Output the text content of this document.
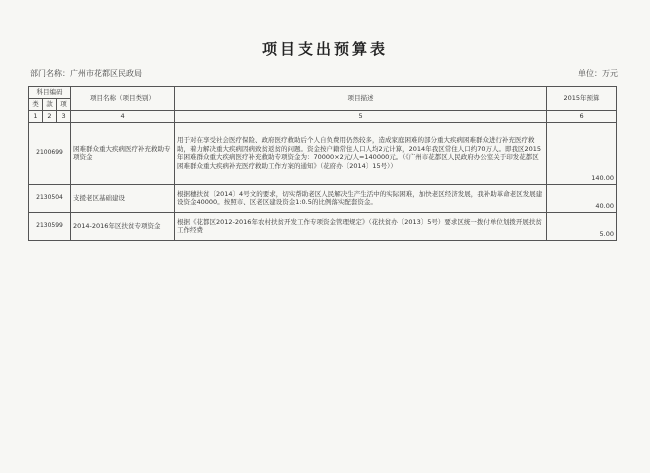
项目支出预算表
部门名称：广州市花都区民政局	单位：万元
科目编码			项目名称（项目类别）	项目描述	2015年预算
类	款	项			
1	2	3	4	5	6
2100699			困难群众重大疾病医疗补充救助专项资金	用于对在享受社会医疗保险、政府医疗救助后个人自负费用仍然较多，造成家庭困难的部分重大疾病困难群众进行补充医疗救助，着力解决重大疾病因病致贫返贫的问题。资金按户籍常住人口人均2元计算，2014年我区常住人口约70万人。即我区2015年困难群众重大疾病医疗补充救助专项资金为：70000×2元/人=140000元。（《广州市花都区人民政府办公室关于印发花都区困难群众重大疾病补充医疗救助工作方案的通知》（花府办〔2014〕15号））	140.00
2130504			支援老区基础建设	根据穗扶贫〔2014〕4号文的要求，切实帮助老区人民解决生产生活中的实际困难，加快老区经济发展，我补助革命老区发展建设资金40000。按照市、区老区建设资金1:0.5的比例落实配套资金。	40.00
2130599			2014-2016年区扶贫专项资金	根据《花都区2012-2016年农村扶贫开发工作专项资金管理规定》（花扶贫办〔2013〕5号）要求区统一拨付单位划拨开展扶贫工作经费	5.00
